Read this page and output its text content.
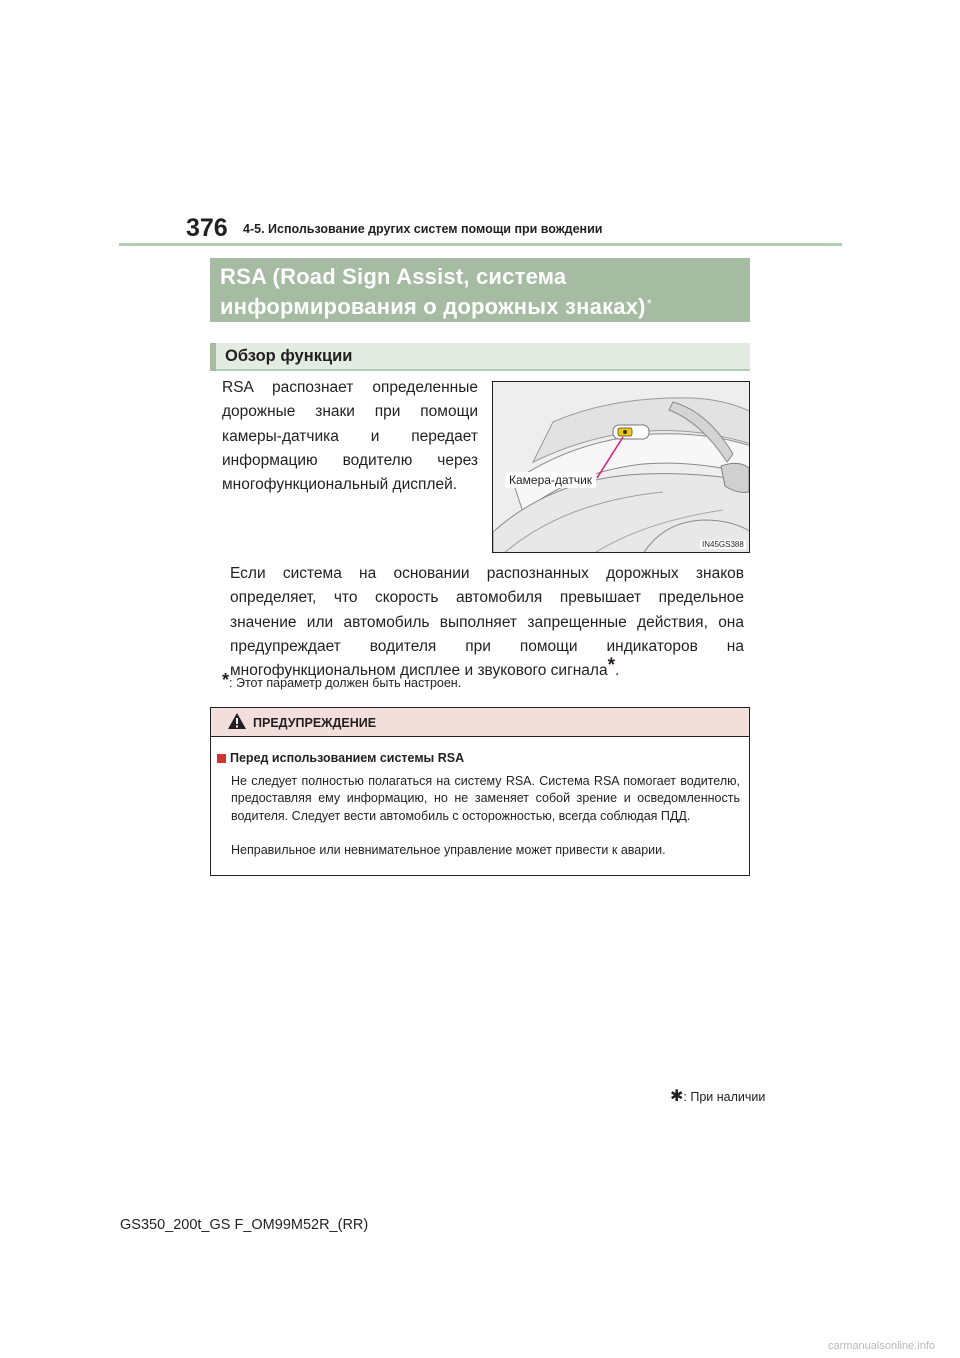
376 4-5. Использование других систем помощи при вождении
RSA (Road Sign Assist, система
информирования о дорожных знаках)*
Обзор функции
RSA распознает определенные дорожные знаки при помощи камеры-датчика и передает информацию водителю через многофункциональный дисплей.	Камера-датчик
IN45GS388
Если система на основании распознанных дорожных знаков определяет, что скорость автомобиля превышает предельное значение или автомобиль выполняет запрещенные действия, она предупреждает водителя при помощи индикаторов на многофункциональном дисплее и звукового сигнала*.
*: Этот параметр должен быть настроен.
ПРЕДУПРЕЖДЕНИЕ
Перед использованием системы RSA
Не следует полностью полагаться на систему RSA. Система RSA помогает водителю, предоставляя ему информацию, но не заменяет собой зрение и осведомленность водителя. Следует вести автомобиль с осторожностью, всегда соблюдая ПДД.
Неправильное или невнимательное управление может привести к аварии.
✱: При наличии
GS350_200t_GS F_OM99M52R_(RR)
carmanualsonline.info
